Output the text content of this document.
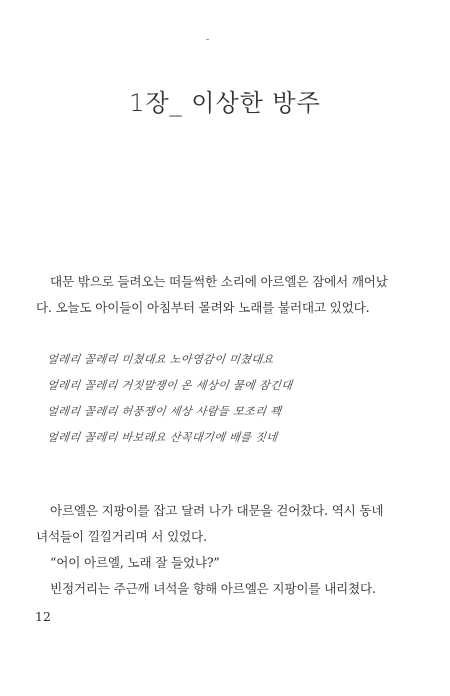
1장_ 이상한 방주
대문 밖으로 들려오는 떠들썩한 소리에 아르엘은 잠에서 깨어났
다. 오늘도 아이들이 아침부터 몰려와 노래를 불러대고 있었다.
얼레리 꼴레리 미쳤대요 노아영감이 미쳤대요
얼레리 꼴레리 거짓말쟁이 온 세상이 물에 잠긴대
얼레리 꼴레리 허풍쟁이 세상 사람들 모조리 꽥
얼레리 꼴레리 바보래요 산꼭대기에 배를 짓네
아르엘은 지팡이를 잡고 달려 나가 대문을 걷어찼다. 역시 동네
녀석들이 낄낄거리며 서 있었다.
“어이 아르엘, 노래 잘 들었냐?”
빈정거리는 주근깨 녀석을 향해 아르엘은 지팡이를 내리쳤다.
12
